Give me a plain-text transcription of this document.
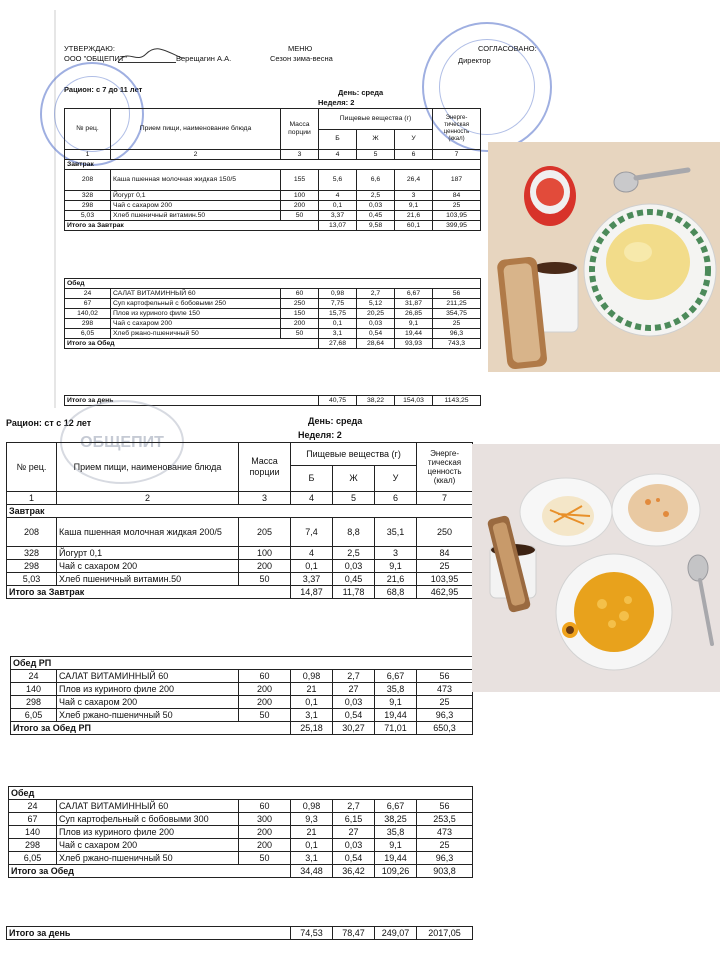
УТВЕРЖДАЮ:
ООО "ОБЩЕПИТ"	Верещагин А.А.
МЕНЮ
Сезон зима-весна
СОГЛАСОВАНО:
Директор
Рацион: с 7 до 11 лет	День: среда
Неделя: 2
№ рец.	Прием пищи, наименование блюда	Масса порции	Пищевые вещества (г)			Энерге-тическая ценность (ккал)
			Б	Ж	У	
1	2	3	4	5	6	7
Завтрак						
208	Каша пшенная молочная жидкая 150/5	155	5,6	6,6	26,4	187
328	Йогурт 0,1	100	4	2,5	3	84
298	Чай с сахаром 200	200	0,1	0,03	9,1	25
5,03	Хлеб пшеничный витамин.50	50	3,37	0,45	21,6	103,95
Итого за Завтрак			13,07	9,58	60,1	399,95
Обед						
24	САЛАТ ВИТАМИННЫЙ 60	60	0,98	2,7	6,67	56
67	Суп картофельный с бобовыми 250	250	7,75	5,12	31,87	211,25
140,02	Плов из куриного филе 150	150	15,75	20,25	26,85	354,75
298	Чай с сахаром 200	200	0,1	0,03	9,1	25
6,05	Хлеб ржано-пшеничный 50	50	3,1	0,54	19,44	96,3
Итого за Обед			27,68	28,64	93,93	743,3
Итого за день	40,75	38,22	154,03	1143,25
Рацион: ст с 12 лет
ОБЩЕПИТ
День: среда
Неделя: 2
№ рец.	Прием пищи, наименование блюда	Масса порции	Пищевые вещества (г)			Энерге-тическая ценность (ккал)
			Б	Ж	У	
1	2	3	4	5	6	7
Завтрак						
208	Каша пшенная молочная жидкая 200/5	205	7,4	8,8	35,1	250
328	Йогурт 0,1	100	4	2,5	3	84
298	Чай с сахаром 200	200	0,1	0,03	9,1	25
5,03	Хлеб пшеничный витамин.50	50	3,37	0,45	21,6	103,95
Итого за Завтрак			14,87	11,78	68,8	462,95
Обед РП						
24	САЛАТ ВИТАМИННЫЙ 60	60	0,98	2,7	6,67	56
140	Плов из куриного филе 200	200	21	27	35,8	473
298	Чай с сахаром 200	200	0,1	0,03	9,1	25
6,05	Хлеб ржано-пшеничный 50	50	3,1	0,54	19,44	96,3
Итого за Обед РП			25,18	30,27	71,01	650,3
Обед						
24	САЛАТ ВИТАМИННЫЙ 60	60	0,98	2,7	6,67	56
67	Суп картофельный с бобовыми 300	300	9,3	6,15	38,25	253,5
140	Плов из куриного филе 200	200	21	27	35,8	473
298	Чай с сахаром 200	200	0,1	0,03	9,1	25
6,05	Хлеб ржано-пшеничный 50	50	3,1	0,54	19,44	96,3
Итого за Обед			34,48	36,42	109,26	903,8
Итого за день	74,53	78,47	249,07	2017,05
